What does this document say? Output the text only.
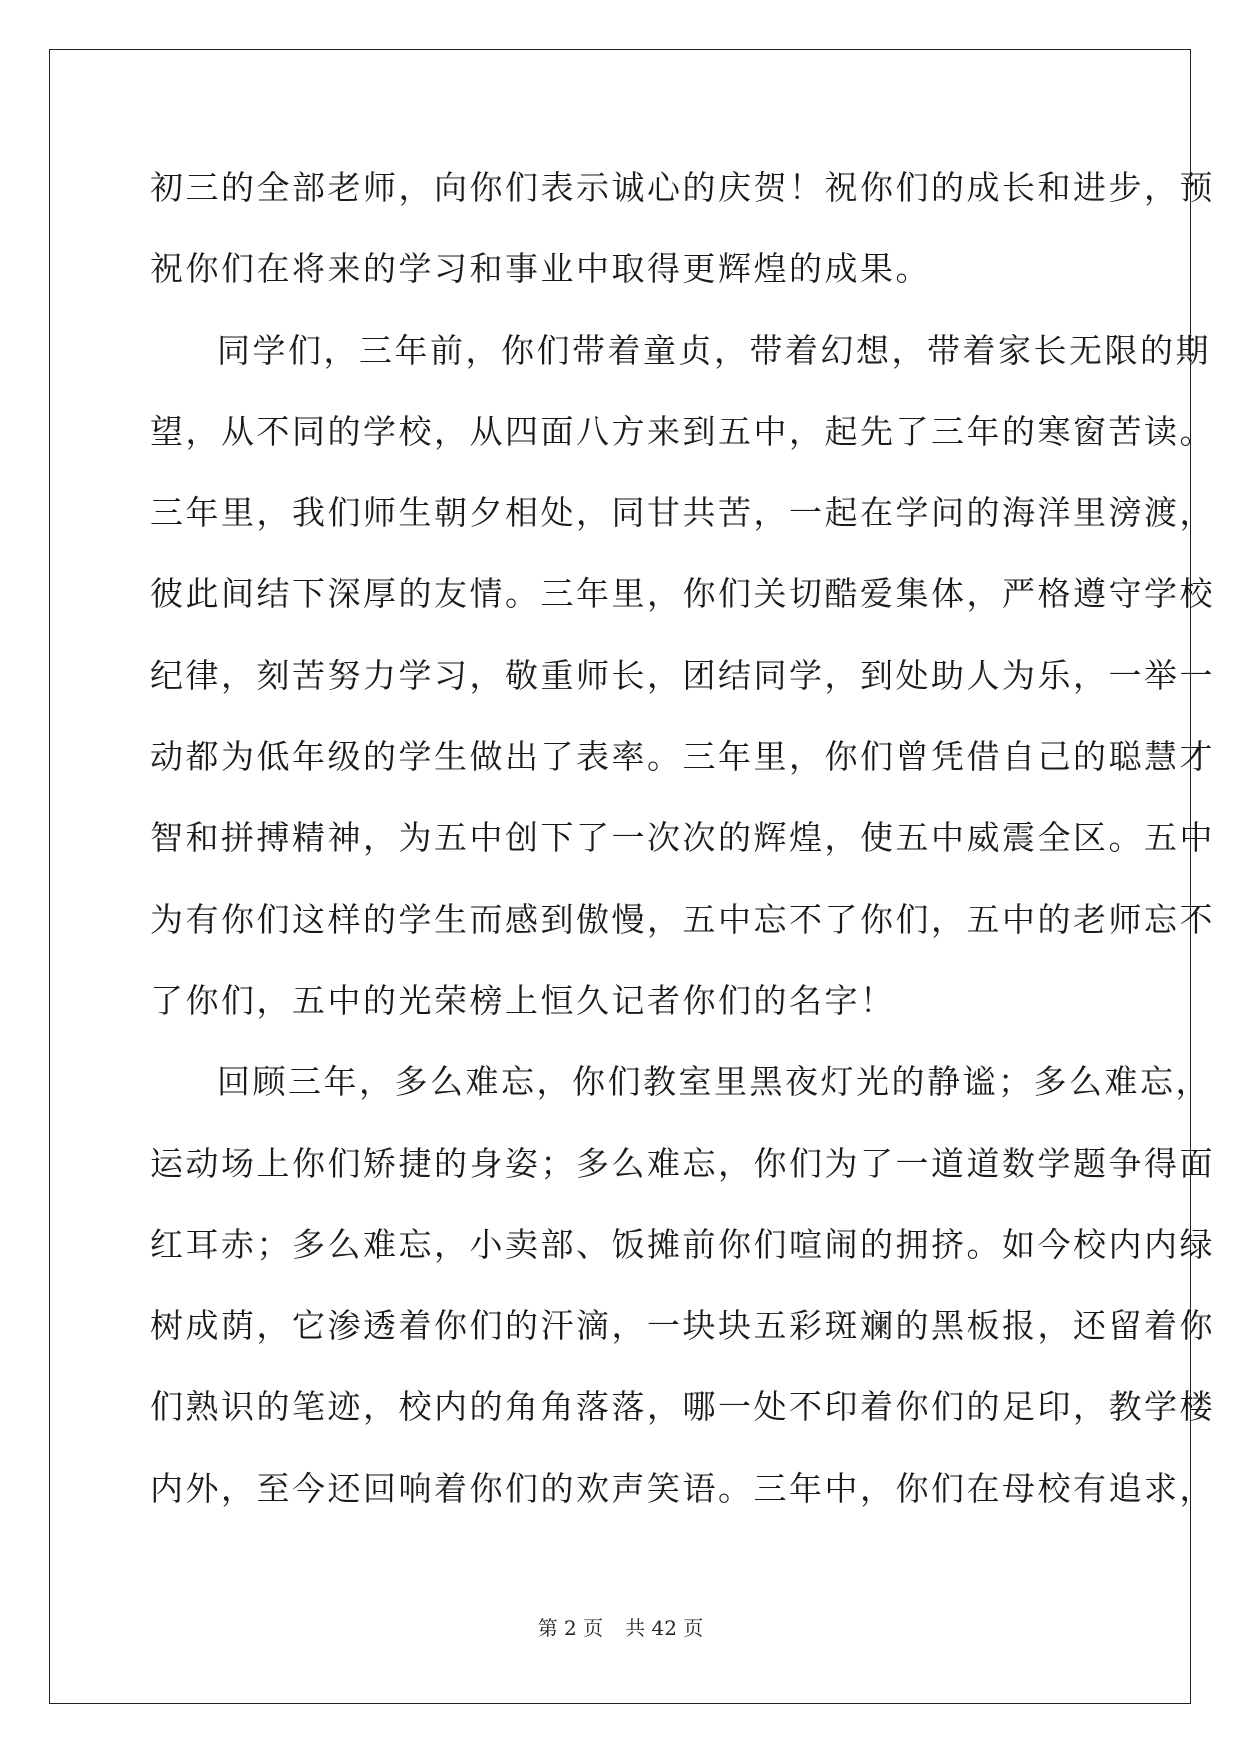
初三的全部老师，向你们表示诚心的庆贺！祝你们的成长和进步，预
祝你们在将来的学习和事业中取得更辉煌的成果。
同学们，三年前，你们带着童贞，带着幻想，带着家长无限的期
望，从不同的学校，从四面八方来到五中，起先了三年的寒窗苦读。
三年里，我们师生朝夕相处，同甘共苦，一起在学问的海洋里滂渡，
彼此间结下深厚的友情。三年里，你们关切酷爱集体，严格遵守学校
纪律，刻苦努力学习，敬重师长，团结同学，到处助人为乐，一举一
动都为低年级的学生做出了表率。三年里，你们曾凭借自己的聪慧才
智和拼搏精神，为五中创下了一次次的辉煌，使五中威震全区。五中
为有你们这样的学生而感到傲慢，五中忘不了你们，五中的老师忘不
了你们，五中的光荣榜上恒久记者你们的名字！
回顾三年，多么难忘，你们教室里黑夜灯光的静谧；多么难忘，
运动场上你们矫捷的身姿；多么难忘，你们为了一道道数学题争得面
红耳赤；多么难忘，小卖部、饭摊前你们喧闹的拥挤。如今校内内绿
树成荫，它渗透着你们的汗滴，一块块五彩斑斓的黑板报，还留着你
们熟识的笔迹，校内的角角落落，哪一处不印着你们的足印，教学楼
内外，至今还回响着你们的欢声笑语。三年中，你们在母校有追求，
第 2 页 共 42 页
